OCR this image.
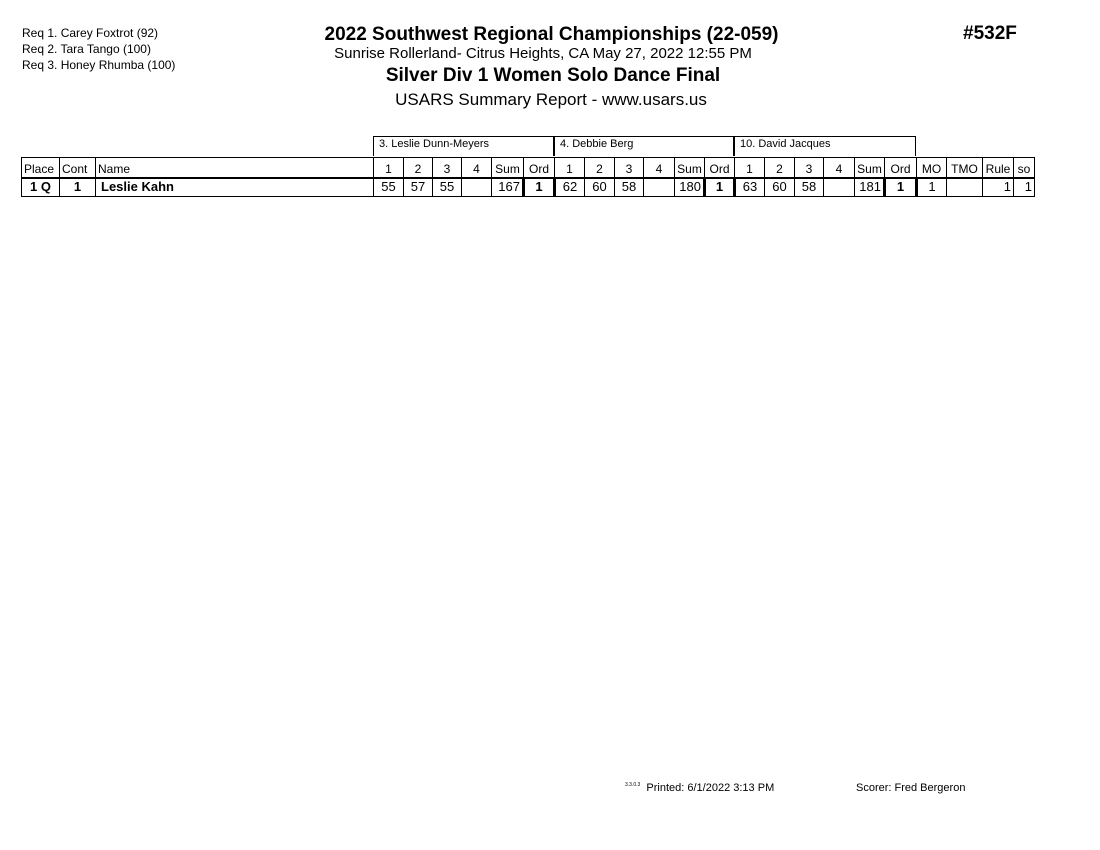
Req 1. Carey Foxtrot (92)
Req 2. Tara Tango (100)
Req 3. Honey Rhumba (100)
2022 Southwest Regional Championships (22-059)
Sunrise Rollerland- Citrus Heights, CA May 27, 2022 12:55 PM
Silver Div 1 Women Solo Dance Final
USARS Summary Report - www.usars.us
#532F
3. Leslie Dunn-Meyers	4. Debbie Berg	10. David Jacques
Place	Cont	Name	1	2	3	4	Sum	Ord	1	2	3	4	Sum	Ord	1	2	3	4	Sum	Ord	MO	TMO	Rule	so
1 Q	1	Leslie Kahn	55	57	55		167	1	62	60	58		180	1	63	60	58		181	1	1		1	1
$^{3.3.0.3}$ Printed: 6/1/2022 3:13 PM	Scorer: Fred Bergeron
